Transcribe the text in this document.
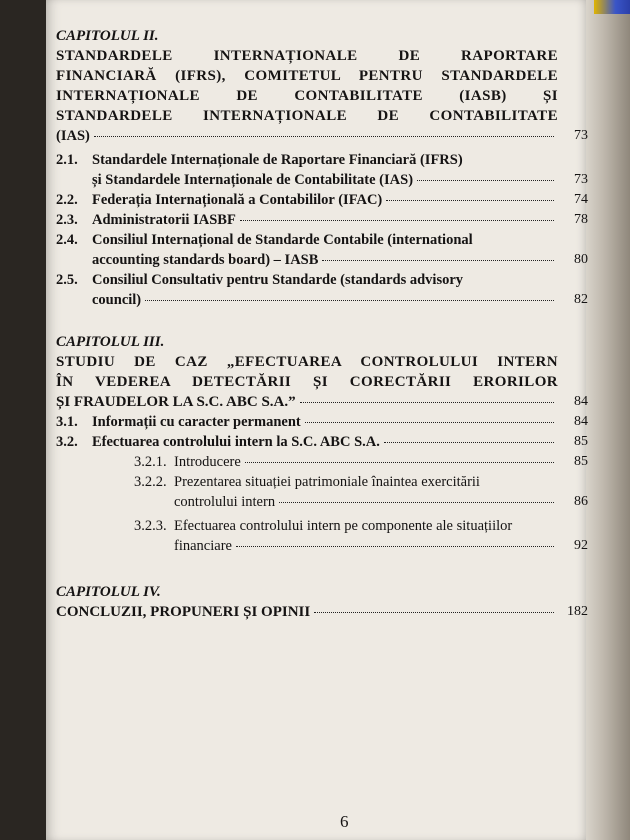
CAPITOLUL II.

STANDARDELE INTERNAȚIONALE DE RAPORTARE

FINANCIARĂ (IFRS), COMITETUL PENTRU STANDARDELE

INTERNAȚIONALE DE CONTABILITATE (IASB) ȘI

STANDARDELE INTERNAȚIONALE DE CONTABILITATE

(IAS)	73
2.1. Standardele Internaționale de Raportare Financiară (IFRS)
și Standardele Internaționale de Contabilitate (IAS)	73
2.2. Federația Internațională a Contabililor (IFAC)	74
2.3. Administratorii IASBF	78
2.4. Consiliul Internațional de Standarde Contabile (international
accounting standards board) – IASB	80
2.5. Consiliul Consultativ pentru Standarde (standards advisory
council)	82

CAPITOLUL III.

STUDIU DE CAZ „EFECTUAREA CONTROLULUI INTERN

ÎN VEDEREA DETECTĂRII ȘI CORECTĂRII ERORILOR

ȘI FRAUDELOR LA S.C. ABC S.A.”	84
3.1. Informații cu caracter permanent	84
3.2. Efectuarea controlului intern la S.C. ABC S.A.	85
3.2.1. Introducere	85
3.2.2. Prezentarea situației patrimoniale înaintea exercitării
controlului intern	86
3.2.3. Efectuarea controlului intern pe componente ale situațiilor
financiare	92

CAPITOLUL IV.

CONCLUZII, PROPUNERI ȘI OPINII	182
6
